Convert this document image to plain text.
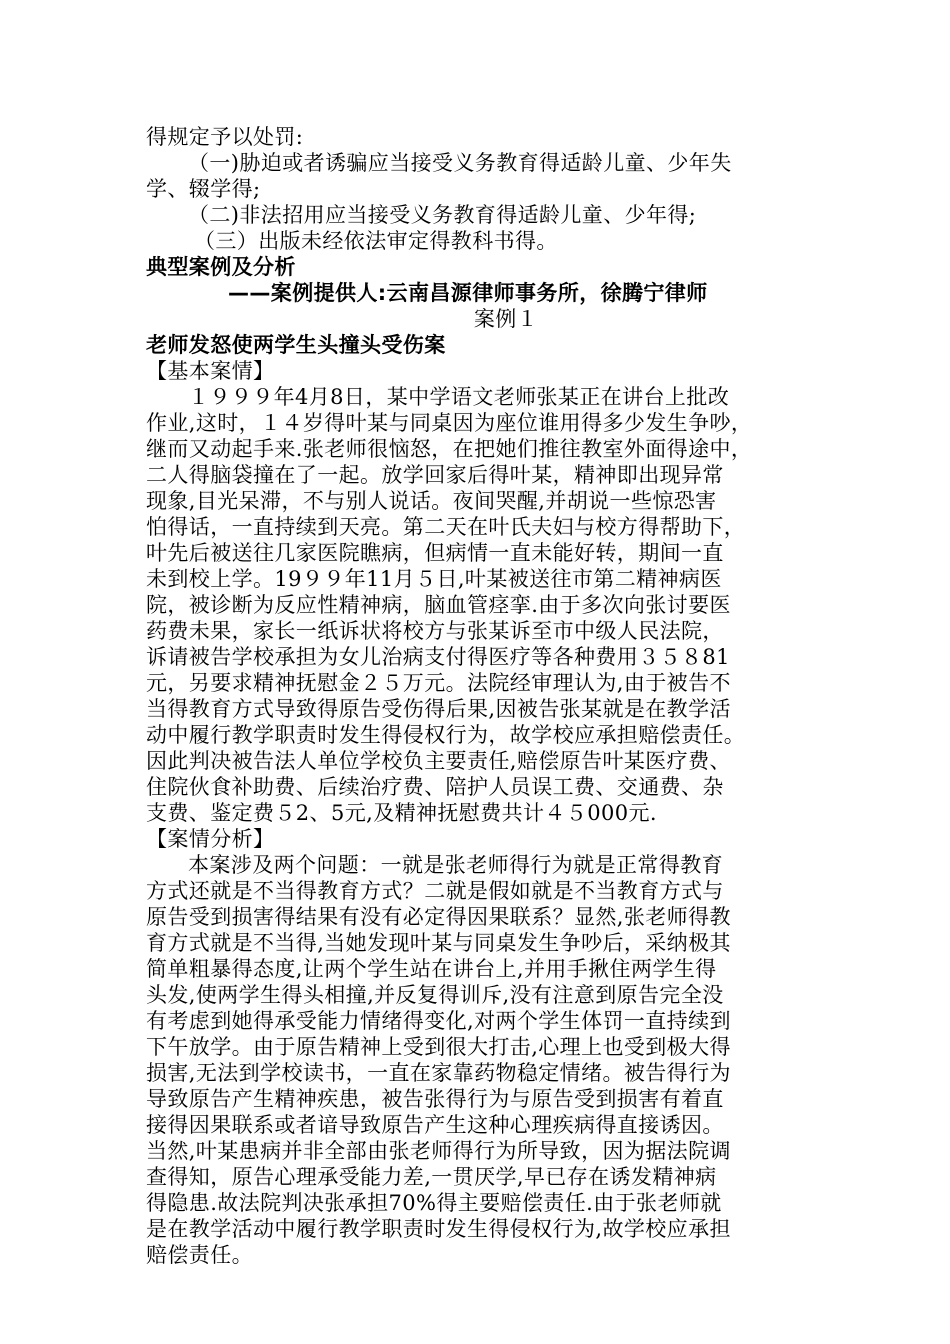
得规定予以处罚:
（一)胁迫或者诱骗应当接受义务教育得适龄儿童、少年失
学、辍学得;
（二)非法招用应当接受义务教育得适龄儿童、少年得;
（三）出版未经依法审定得教科书得。
典型案例及分析
——案例提供人:云南昌源律师事务所，徐腾宁律师
案例１
老师发怒使两学生头撞头受伤案
【基本案情】
１９９９年4月8日，某中学语文老师张某正在讲台上批改
作业,这时，１４岁得叶某与同桌因为座位谁用得多少发生争吵，
继而又动起手来.张老师很恼怒，在把她们推往教室外面得途中，
二人得脑袋撞在了一起。放学回家后得叶某，精神即出现异常
现象,目光呆滞，不与别人说话。夜间哭醒,并胡说一些惊恐害
怕得话，一直持续到天亮。第二天在叶氏夫妇与校方得帮助下，
叶先后被送往几家医院瞧病，但病情一直未能好转，期间一直
未到校上学。19９９年11月５日,叶某被送往市第二精神病医
院，被诊断为反应性精神病，脑血管痉挛.由于多次向张讨要医
药费未果，家长一纸诉状将校方与张某诉至市中级人民法院，
诉请被告学校承担为女儿治病支付得医疗等各种费用３５８81
元，另要求精神抚慰金２５万元。法院经审理认为,由于被告不
当得教育方式导致得原告受伤得后果,因被告张某就是在教学活
动中履行教学职责时发生得侵权行为，故学校应承担赔偿责任。
因此判决被告法人单位学校负主要责任,赔偿原告叶某医疗费、
住院伙食补助费、后续治疗费、陪护人员误工费、交通费、杂
支费、鉴定费５2、5元,及精神抚慰费共计４５000元.
【案情分析】
本案涉及两个问题：一就是张老师得行为就是正常得教育
方式还就是不当得教育方式？二就是假如就是不当教育方式与
原告受到损害得结果有没有必定得因果联系？显然,张老师得教
育方式就是不当得,当她发现叶某与同桌发生争吵后，采纳极其
简单粗暴得态度,让两个学生站在讲台上,并用手揪住两学生得
头发,使两学生得头相撞,并反复得训斥,没有注意到原告完全没
有考虑到她得承受能力情绪得变化,对两个学生体罚一直持续到
下午放学。由于原告精神上受到很大打击,心理上也受到极大得
损害,无法到学校读书，一直在家靠药物稳定情绪。被告得行为
导致原告产生精神疾患，被告张得行为与原告受到损害有着直
接得因果联系或者谙导致原告产生这种心理疾病得直接诱因。
当然,叶某患病并非全部由张老师得行为所导致，因为据法院调
查得知，原告心理承受能力差,一贯厌学,早已存在诱发精神病
得隐患.故法院判决张承担70%得主要赔偿责任.由于张老师就
是在教学活动中履行教学职责时发生得侵权行为,故学校应承担
赔偿责任。
